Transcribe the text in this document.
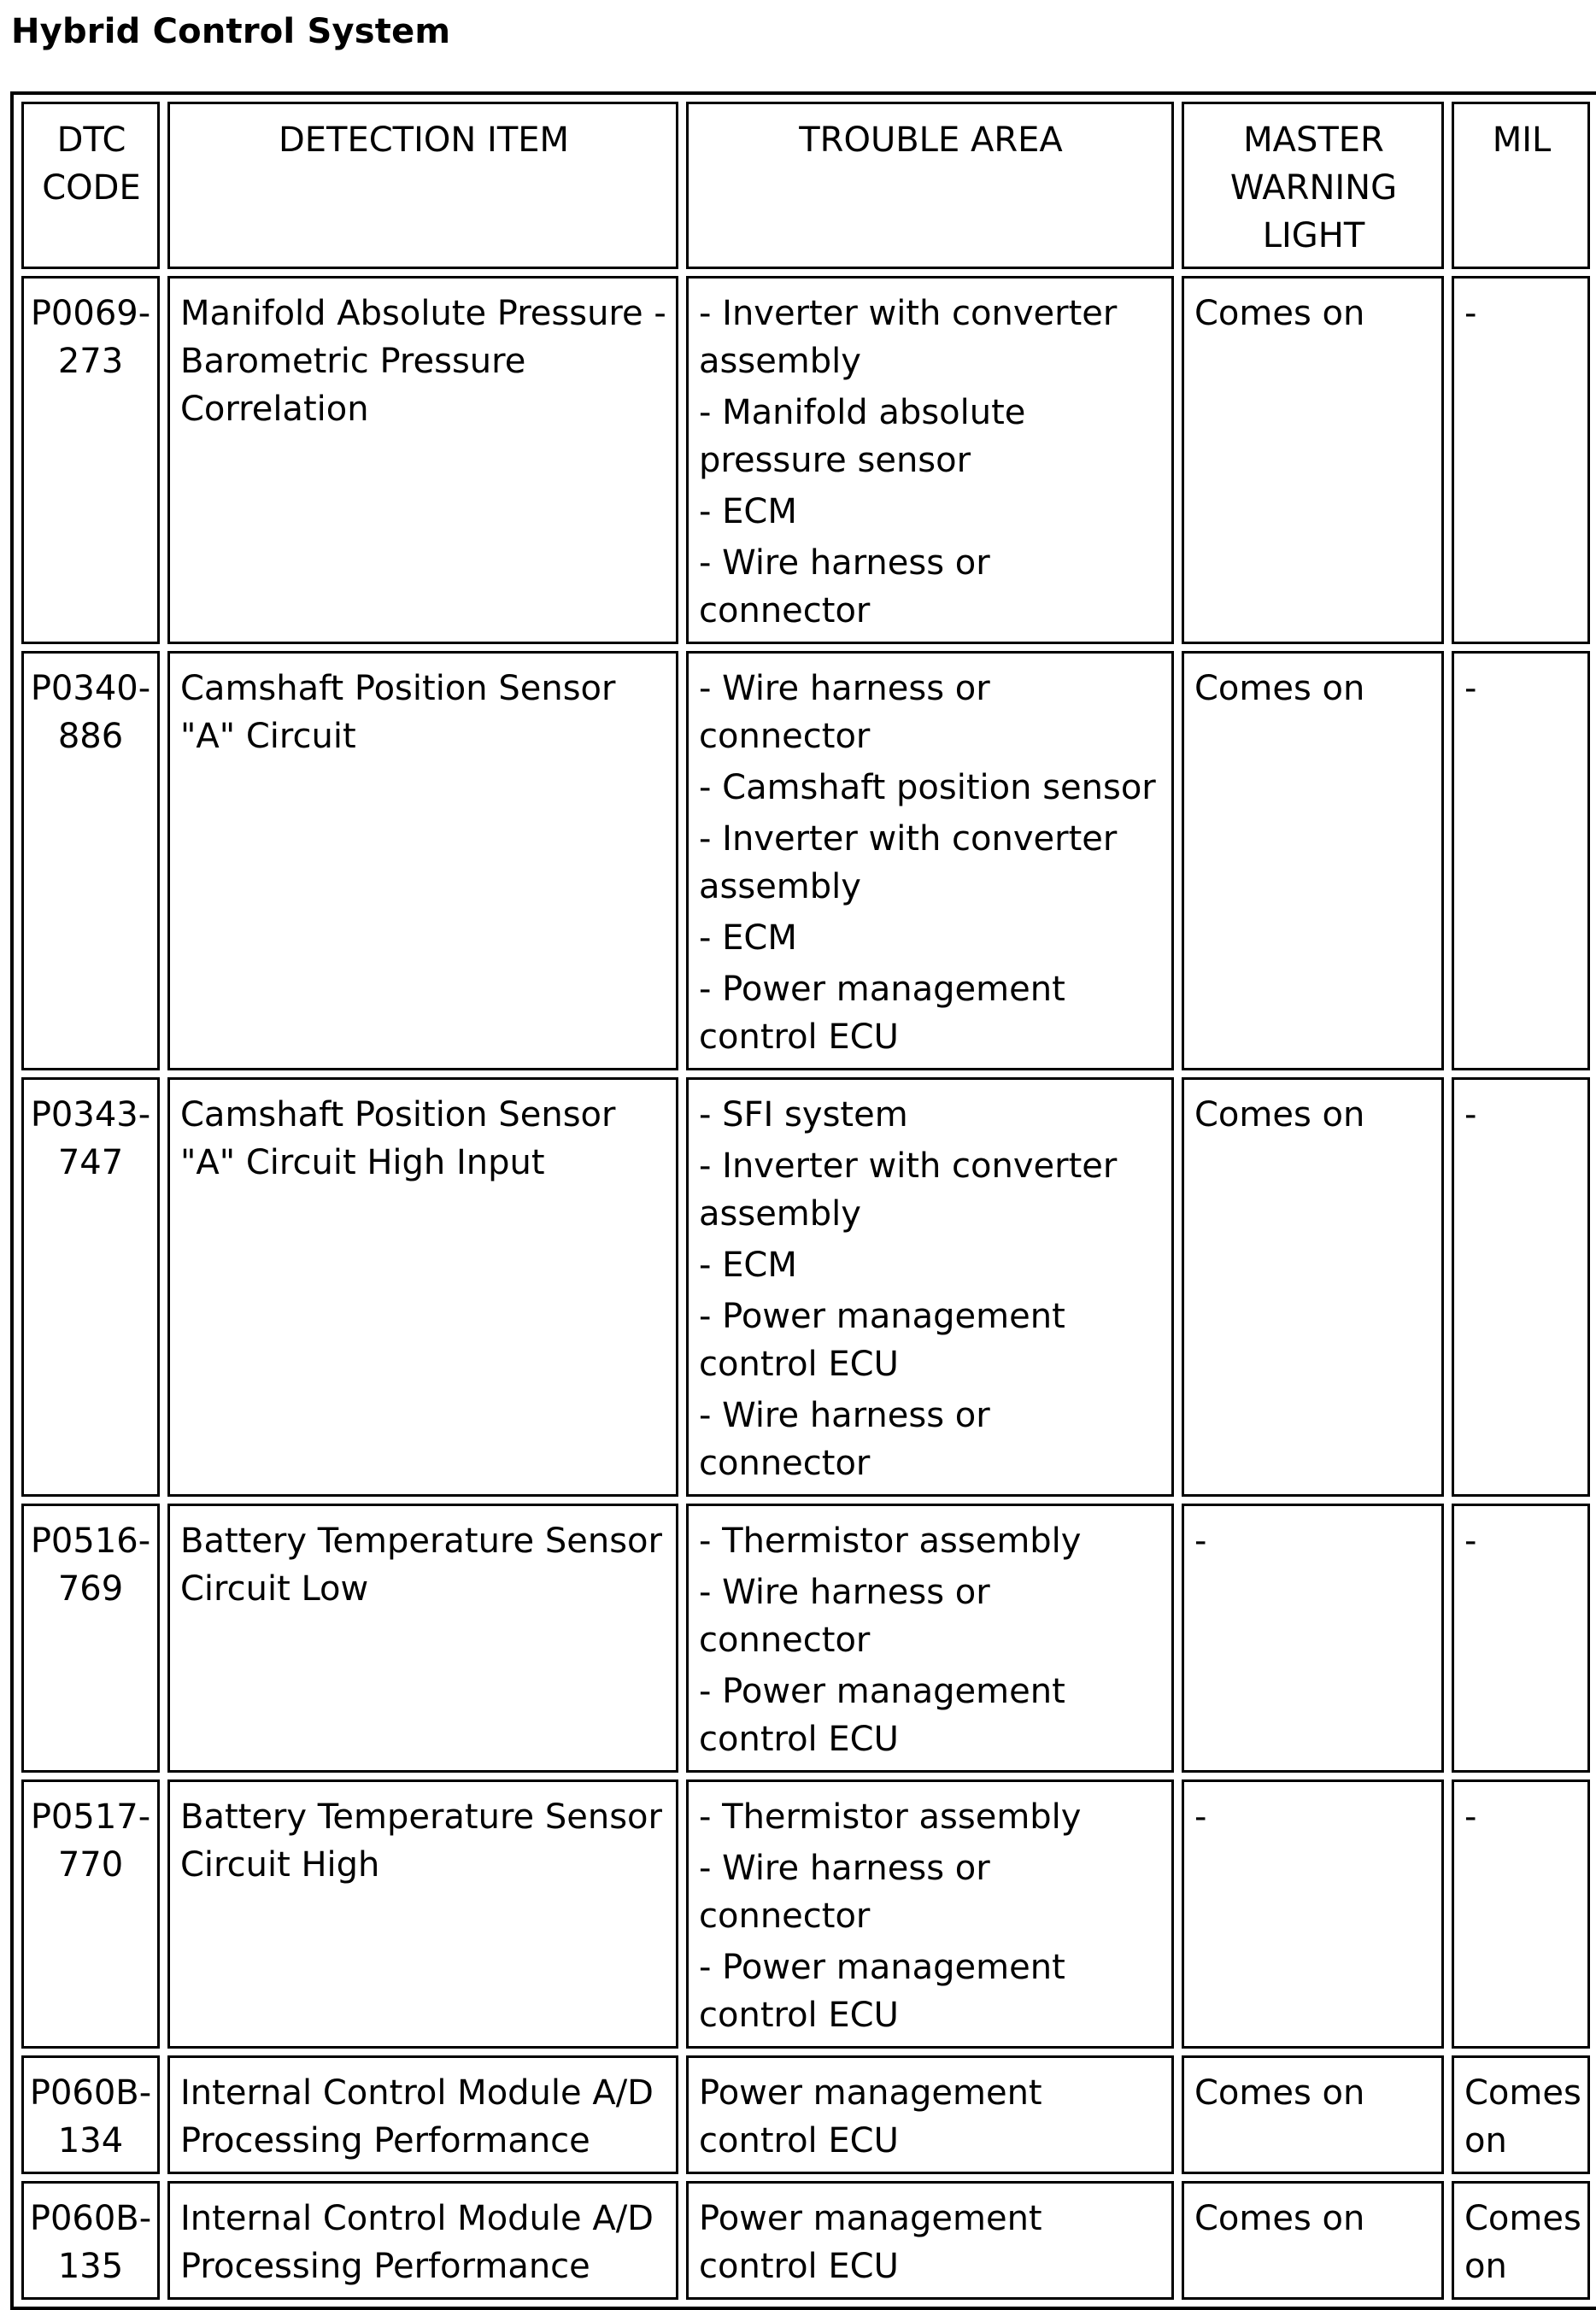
Hybrid Control System
DTC CODE	DETECTION ITEM	TROUBLE AREA	MASTER WARNING LIGHT	MIL	
P0069-273	Manifold Absolute Pressure - Barometric Pressure Correlation	- Inverter with converter assembly
- Manifold absolute pressure sensor
- ECM
- Wire harness or connector	Comes on	-	
P0340-886	Camshaft Position Sensor "A" Circuit	- Wire harness or connector
- Camshaft position sensor
- Inverter with converter assembly
- ECM
- Power management control ECU	Comes on	-	
P0343-747	Camshaft Position Sensor "A" Circuit High Input	- SFI system
- Inverter with converter assembly
- ECM
- Power management control ECU
- Wire harness or connector	Comes on	-	
P0516-769	Battery Temperature Sensor Circuit Low	- Thermistor assembly
- Wire harness or connector
- Power management control ECU	-	-	
P0517-770	Battery Temperature Sensor Circuit High	- Thermistor assembly
- Wire harness or connector
- Power management control ECU	-	-	
P060B-134	Internal Control Module A/D Processing Performance	Power management control ECU	Comes on	Comes on	
P060B-135	Internal Control Module A/D Processing Performance	Power management control ECU	Comes on	Comes on	
